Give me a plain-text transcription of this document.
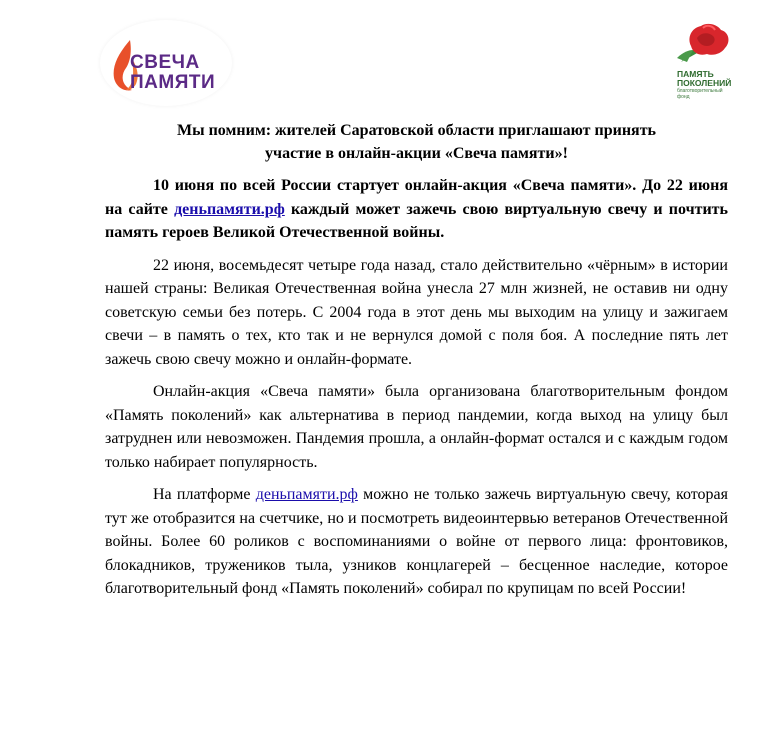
СВЕЧА
ПАМЯТИ	ПАМЯТЬ
ПОКОЛЕНИЙ
благотворительный
фонд
Мы помним: жителей Саратовской области приглашают принять
участие в онлайн-акции «Свеча памяти»!

10 июня по всей России стартует онлайн-акция «Свеча памяти». До 22 июня на сайте деньпамяти.рф каждый может зажечь свою виртуальную свечу и почтить память героев Великой Отечественной войны.

22 июня, восемьдесят четыре года назад, стало действительно «чёрным» в истории нашей страны: Великая Отечественная война унесла 27 млн жизней, не оставив ни одну советскую семьи без потерь. С 2004 года в этот день мы выходим на улицу и зажигаем свечи – в память о тех, кто так и не вернулся домой с поля боя. А последние пять лет зажечь свою свечу можно и онлайн-формате.

Онлайн-акция «Свеча памяти» была организована благотворительным фондом «Память поколений» как альтернатива в период пандемии, когда выход на улицу был затруднен или невозможен. Пандемия прошла, а онлайн-формат остался и с каждым годом только набирает популярность.

На платформе деньпамяти.рф можно не только зажечь виртуальную свечу, которая тут же отобразится на счетчике, но и посмотреть видеоинтервью ветеранов Отечественной войны. Более 60 роликов с воспоминаниями о войне от первого лица: фронтовиков, блокадников, тружеников тыла, узников концлагерей – бесценное наследие, которое благотворительный фонд «Память поколений» собирал по крупицам по всей России!
